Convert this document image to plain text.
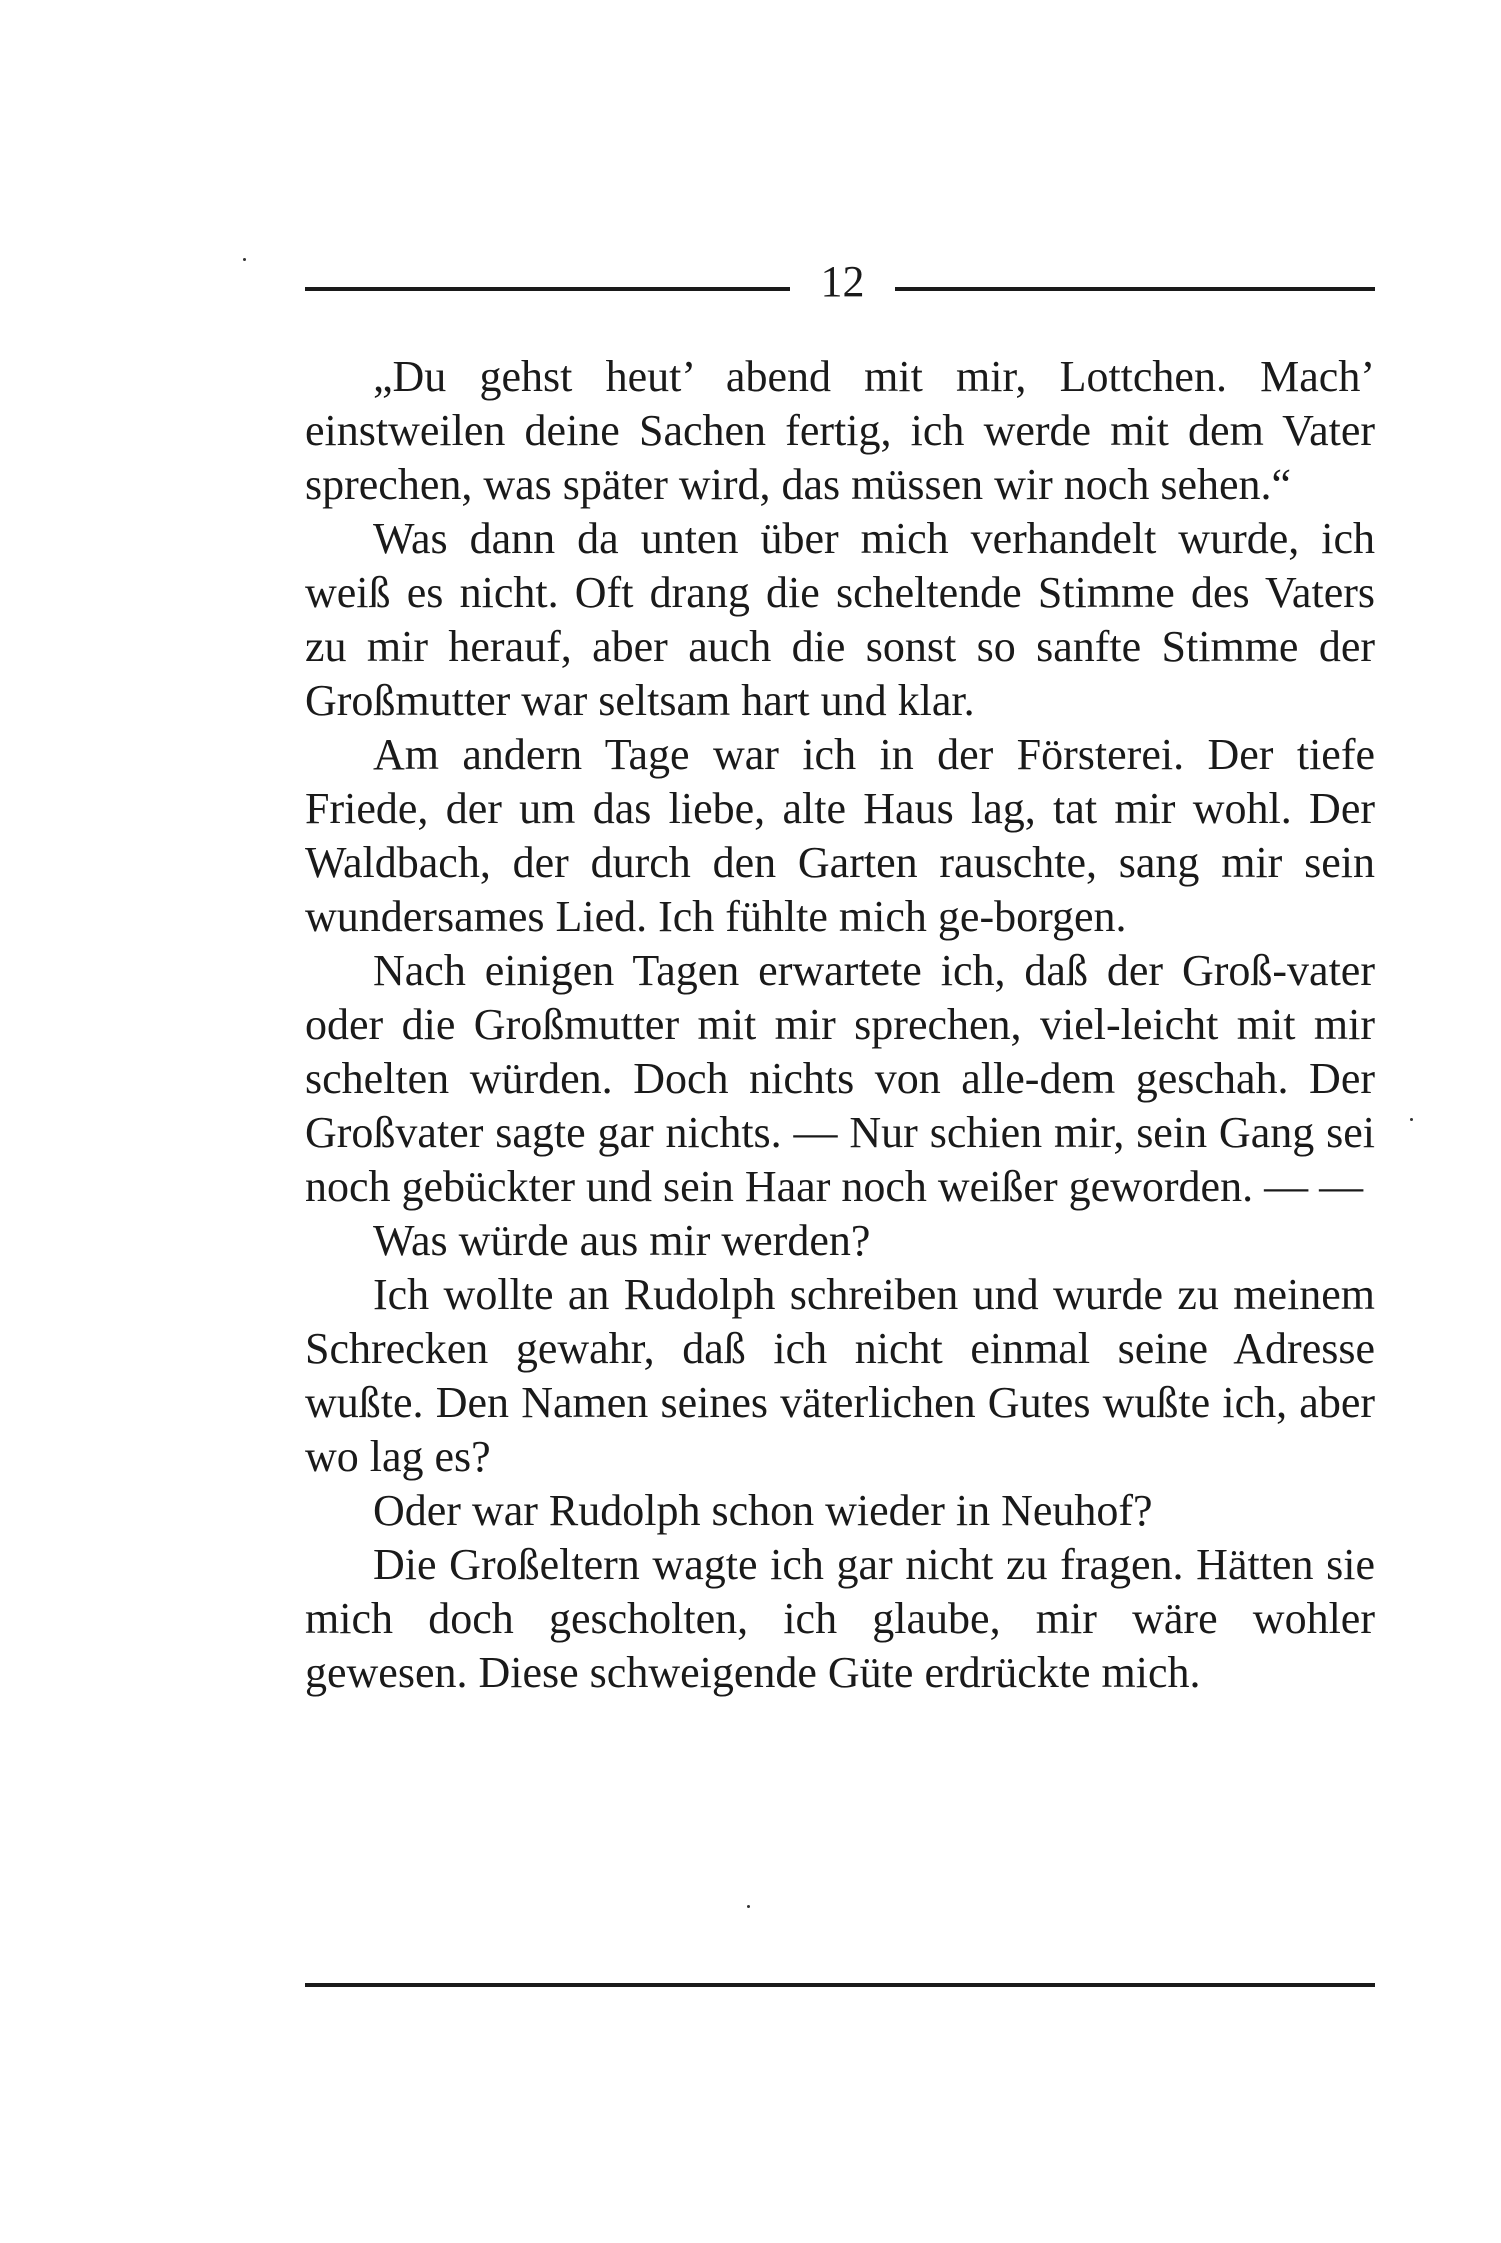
12

„Du gehst heut’ abend mit mir, Lottchen. Mach’ einstweilen deine Sachen fertig, ich werde mit dem Vater sprechen, was später wird, das müssen wir noch sehen.“

Was dann da unten über mich verhandelt wurde, ich weiß es nicht. Oft drang die scheltende Stimme des Vaters zu mir herauf, aber auch die sonst so sanfte Stimme der Großmutter war seltsam hart und klar.

Am andern Tage war ich in der Försterei. Der tiefe Friede, der um das liebe, alte Haus lag, tat mir wohl. Der Waldbach, der durch den Garten rauschte, sang mir sein wundersames Lied. Ich fühlte mich ge-borgen.

Nach einigen Tagen erwartete ich, daß der Groß-vater oder die Großmutter mit mir sprechen, viel-leicht mit mir schelten würden. Doch nichts von alle-dem geschah. Der Großvater sagte gar nichts. — Nur schien mir, sein Gang sei noch gebückter und sein Haar noch weißer geworden. — —

Was würde aus mir werden?

Ich wollte an Rudolph schreiben und wurde zu meinem Schrecken gewahr, daß ich nicht einmal seine Adresse wußte. Den Namen seines väterlichen Gutes wußte ich, aber wo lag es?

Oder war Rudolph schon wieder in Neuhof?

Die Großeltern wagte ich gar nicht zu fragen. Hätten sie mich doch gescholten, ich glaube, mir wäre wohler gewesen. Diese schweigende Güte erdrückte mich.
